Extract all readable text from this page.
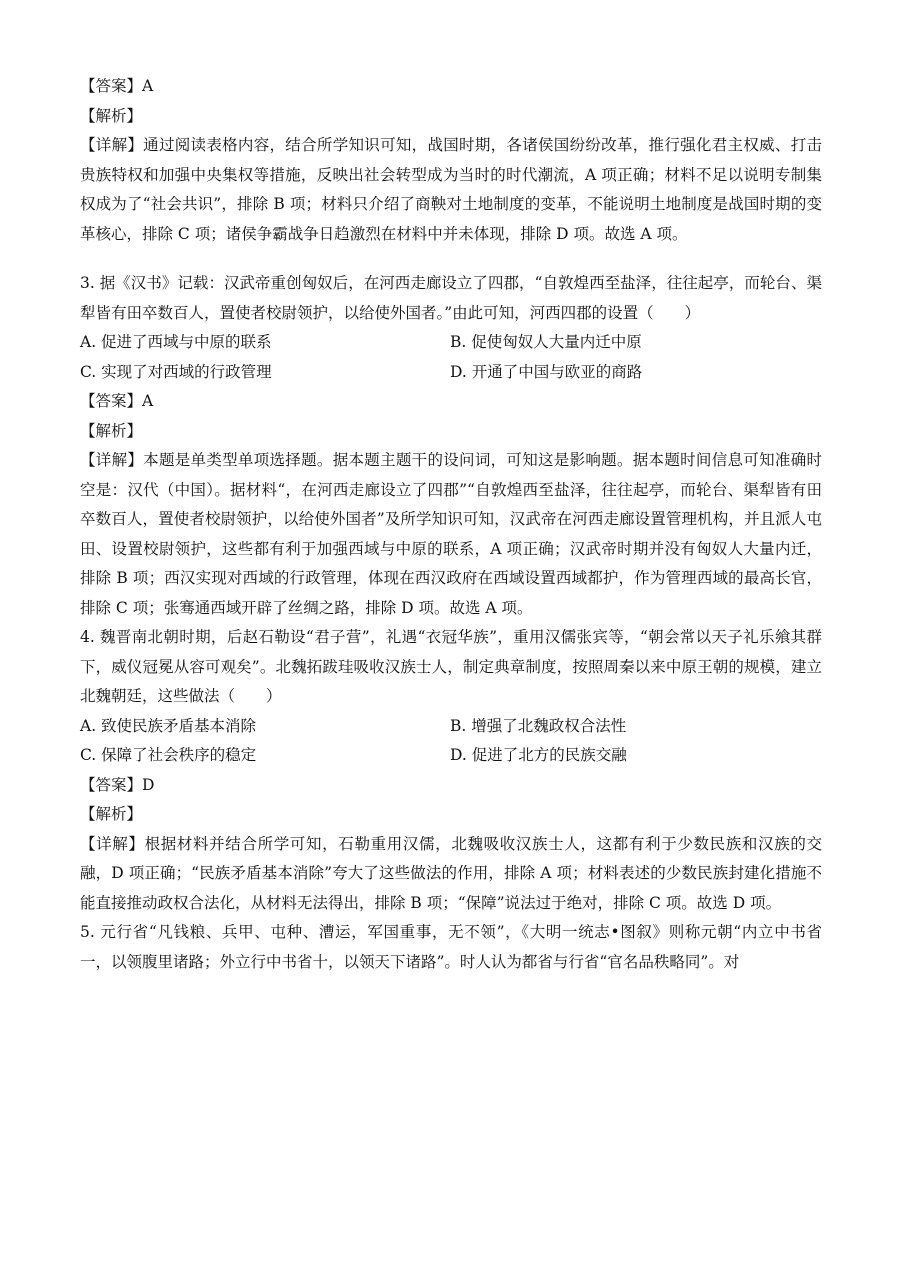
【答案】A

【解析】

【详解】通过阅读表格内容，结合所学知识可知，战国时期，各诸侯国纷纷改革，推行强化君主权威、打击贵族特权和加强中央集权等措施，反映出社会转型成为当时的时代潮流，A 项正确；材料不足以说明专制集权成为了“社会共识”，排除 B 项；材料只介绍了商鞅对土地制度的变革，不能说明土地制度是战国时期的变革核心，排除 C 项；诸侯争霸战争日趋激烈在材料中并未体现，排除 D 项。故选 A 项。

3. 据《汉书》记载：汉武帝重创匈奴后，在河西走廊设立了四郡，“自敦煌西至盐泽，往往起亭，而轮台、渠犁皆有田卒数百人，置使者校尉领护，以给使外国者。”由此可知，河西四郡的设置（　　）

A. 促进了西域与中原的联系	B. 促使匈奴人大量内迁中原
C. 实现了对西域的行政管理	D. 开通了中国与欧亚的商路

【答案】A

【解析】

【详解】本题是单类型单项选择题。据本题主题干的设问词，可知这是影响题。据本题时间信息可知准确时空是：汉代（中国）。据材料“，在河西走廊设立了四郡”“自敦煌西至盐泽，往往起亭，而轮台、渠犁皆有田卒数百人，置使者校尉领护，以给使外国者”及所学知识可知，汉武帝在河西走廊设置管理机构，并且派人屯田、设置校尉领护，这些都有利于加强西域与中原的联系，A 项正确；汉武帝时期并没有匈奴人大量内迁，排除 B 项；西汉实现对西域的行政管理，体现在西汉政府在西域设置西域都护，作为管理西域的最高长官，排除 C 项；张骞通西域开辟了丝绸之路，排除 D 项。故选 A 项。

4. 魏晋南北朝时期，后赵石勒设“君子营”，礼遇“衣冠华族”，重用汉儒张宾等，“朝会常以天子礼乐飨其群下，威仪冠冕从容可观矣”。北魏拓跋珪吸收汉族士人，制定典章制度，按照周秦以来中原王朝的规模，建立北魏朝廷，这些做法（　　）

A. 致使民族矛盾基本消除	B. 增强了北魏政权合法性
C. 保障了社会秩序的稳定	D. 促进了北方的民族交融

【答案】D

【解析】

【详解】根据材料并结合所学可知，石勒重用汉儒，北魏吸收汉族士人，这都有利于少数民族和汉族的交融，D 项正确；“民族矛盾基本消除”夸大了这些做法的作用，排除 A 项；材料表述的少数民族封建化措施不能直接推动政权合法化，从材料无法得出，排除 B 项；“保障”说法过于绝对，排除 C 项。故选 D 项。

5. 元行省“凡钱粮、兵甲、屯种、漕运，军国重事，无不领”，《大明一统志•图叙》则称元朝“内立中书省一，以领腹里诸路；外立行中书省十，以领天下诸路”。时人认为都省与行省“官名品秩略同”。对
